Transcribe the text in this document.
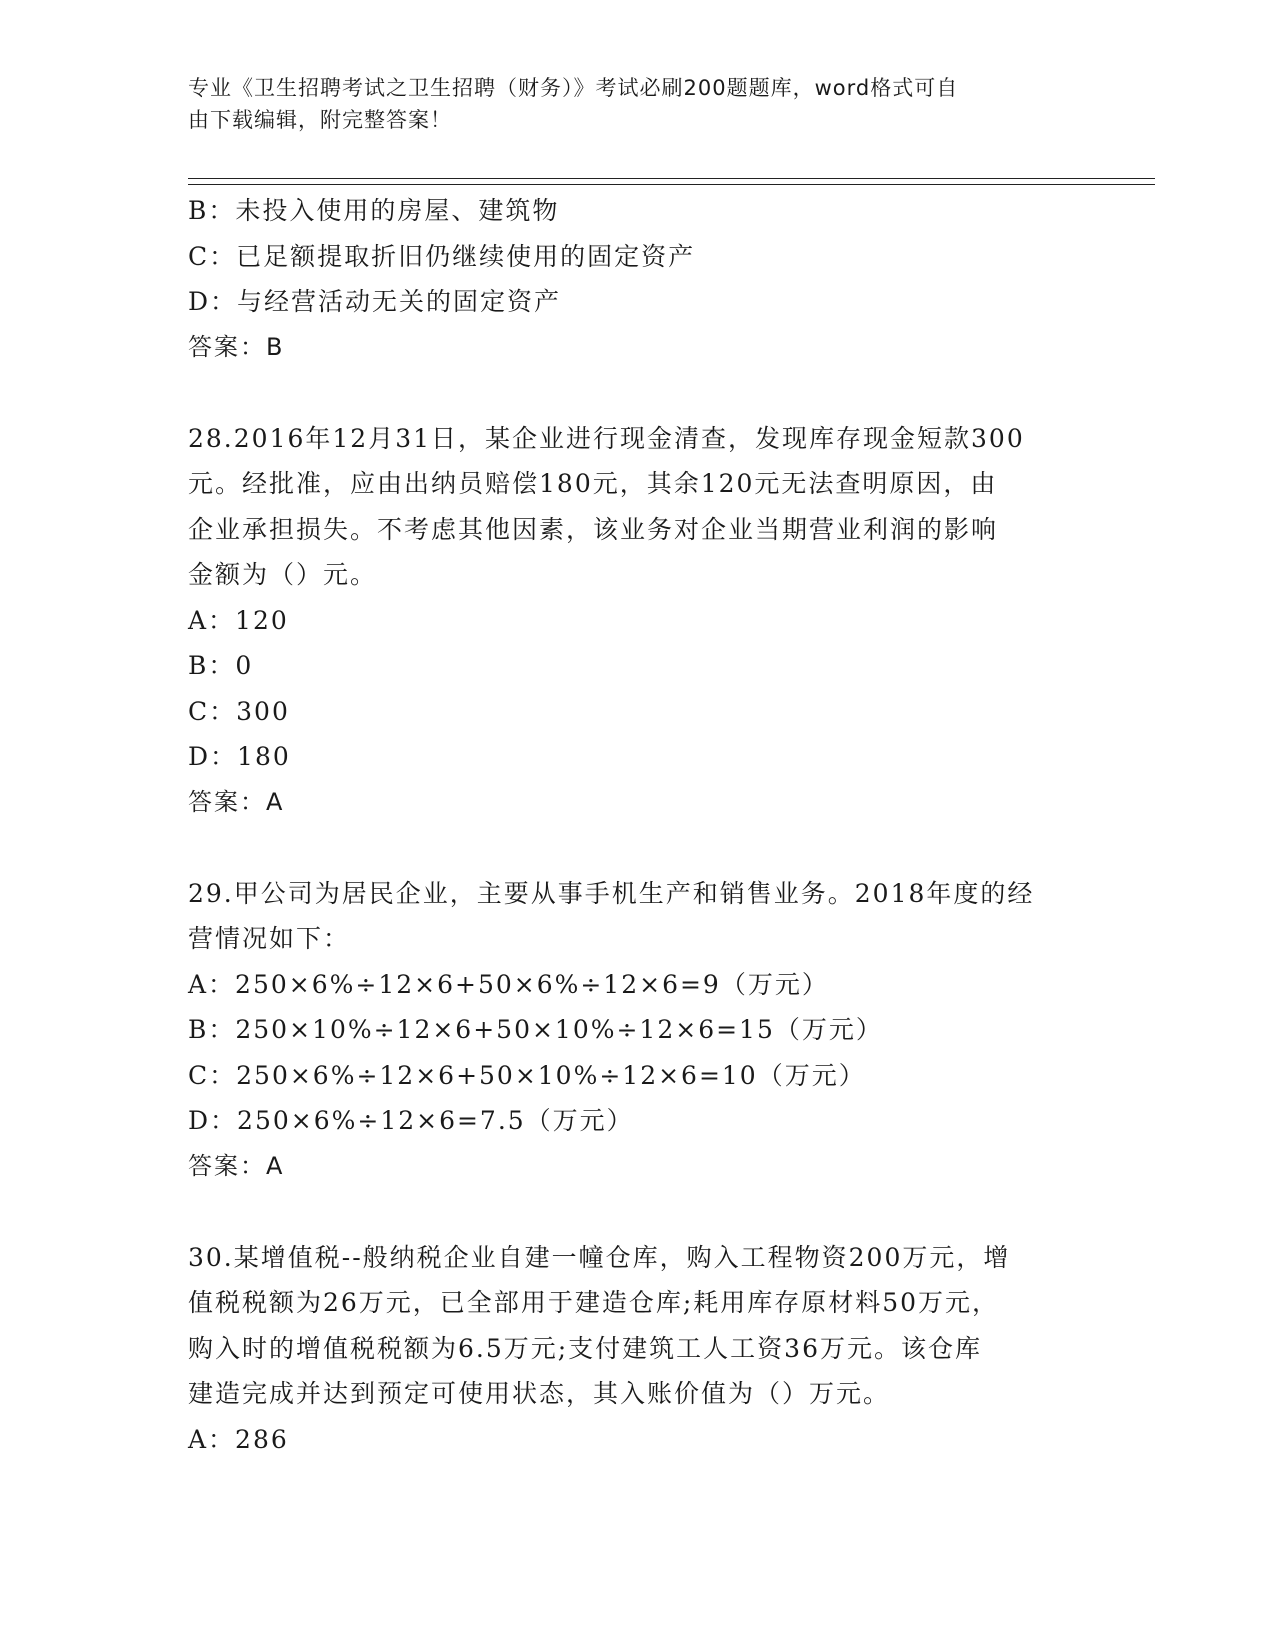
专业《卫生招聘考试之卫生招聘（财务）》考试必刷200题题库，word格式可自
由下载编辑，附完整答案！
B：未投入使用的房屋、建筑物
C：已足额提取折旧仍继续使用的固定资产
D：与经营活动无关的固定资产
答案：B
28.2016年12月31日，某企业进行现金清查，发现库存现金短款300
元。经批准，应由出纳员赔偿180元，其余120元无法查明原因，由
企业承担损失。不考虑其他因素，该业务对企业当期营业利润的影响
金额为（）元。
A：120
B：0
C：300
D：180
答案：A
29.甲公司为居民企业，主要从事手机生产和销售业务。2018年度的经
营情况如下：
A：250×6%÷12×6+50×6%÷12×6=9（万元）
B：250×10%÷12×6+50×10%÷12×6=15（万元）
C：250×6%÷12×6+50×10%÷12×6=10（万元）
D：250×6%÷12×6=7.5（万元）
答案：A
30.某增值税--般纳税企业自建一幢仓库，购入工程物资200万元，增
值税税额为26万元，已全部用于建造仓库;耗用库存原材料50万元，
购入时的增值税税额为6.5万元;支付建筑工人工资36万元。该仓库
建造完成并达到预定可使用状态，其入账价值为（）万元。
A：286
